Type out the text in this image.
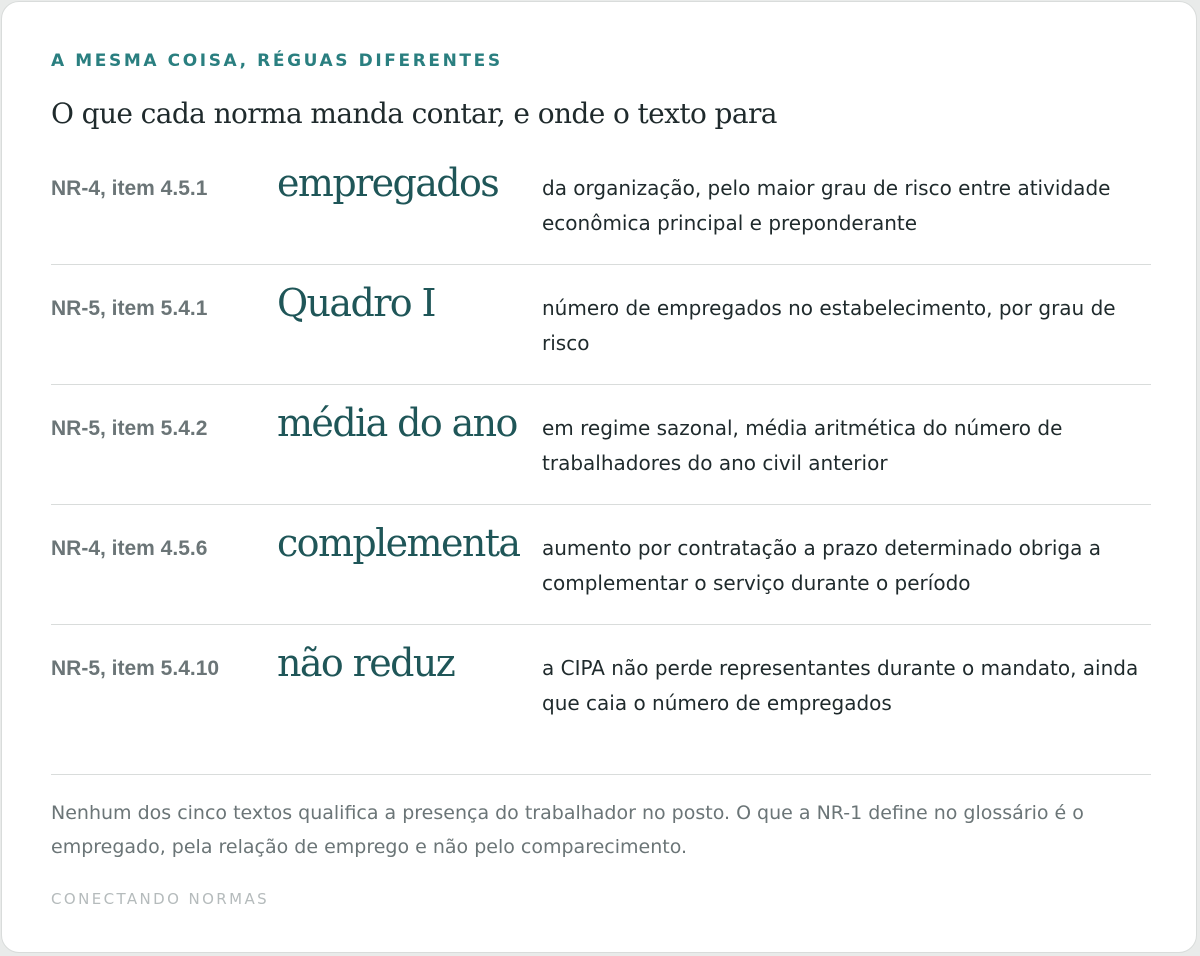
A MESMA COISA, RÉGUAS DIFERENTES
O que cada norma manda contar, e onde o texto para
NR-4, item 4.5.1 empregados da organização, pelo maior grau de risco entre atividade econômica principal e preponderante
NR-5, item 5.4.1 Quadro I	número de empregados no estabelecimento, por grau de risco
NR-5, item 5.4.2 média do ano em regime sazonal, média aritmética do número de trabalhadores do ano civil anterior
NR-4, item 4.5.6 complementa aumento por contratação a prazo determinado obriga a complementar o serviço durante o período
NR-5, item 5.4.10 não reduz	a CIPA não perde representantes durante o mandato, ainda que caia o número de empregados
Nenhum dos cinco textos qualifica a presença do trabalhador no posto. O que a NR-1 define no glossário é o empregado, pela relação de emprego e não pelo comparecimento.
CONECTANDO NORMAS
